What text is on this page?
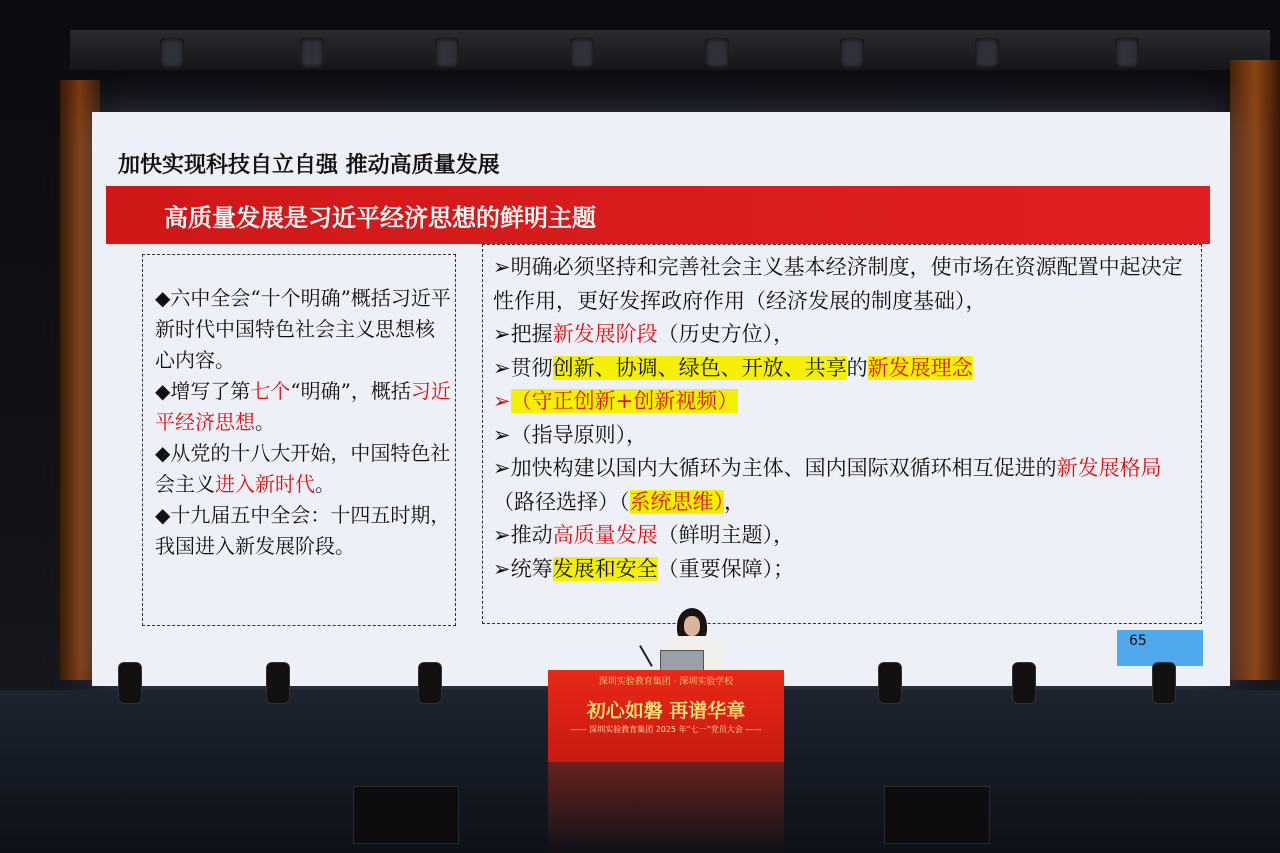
加快实现科技自立自强 推动高质量发展
高质量发展是习近平经济思想的鲜明主题
◆六中全会“十个明确”概括习近平新时代中国特色社会主义思想核心内容。
◆增写了第七个“明确”，概括习近平经济思想。
◆从党的十八大开始，中国特色社会主义进入新时代。
◆十九届五中全会：十四五时期，我国进入新发展阶段。
➢明确必须坚持和完善社会主义基本经济制度，使市场在资源配置中起决定性作用，更好发挥政府作用（经济发展的制度基础），
➢把握新发展阶段（历史方位），
➢贯彻创新、协调、绿色、开放、共享的新发展理念
➢（守正创新+创新视频）
➢（指导原则），
➢加快构建以国内大循环为主体、国内国际双循环相互促进的新发展格局（路径选择）（系统思维），
➢推动高质量发展（鲜明主题），
➢统筹发展和安全（重要保障）；
65
深圳实验教育集团 · 深圳实验学校
初心如磐 再谱华章
—— 深圳实验教育集团 2025 年“七一”党员大会 ——
